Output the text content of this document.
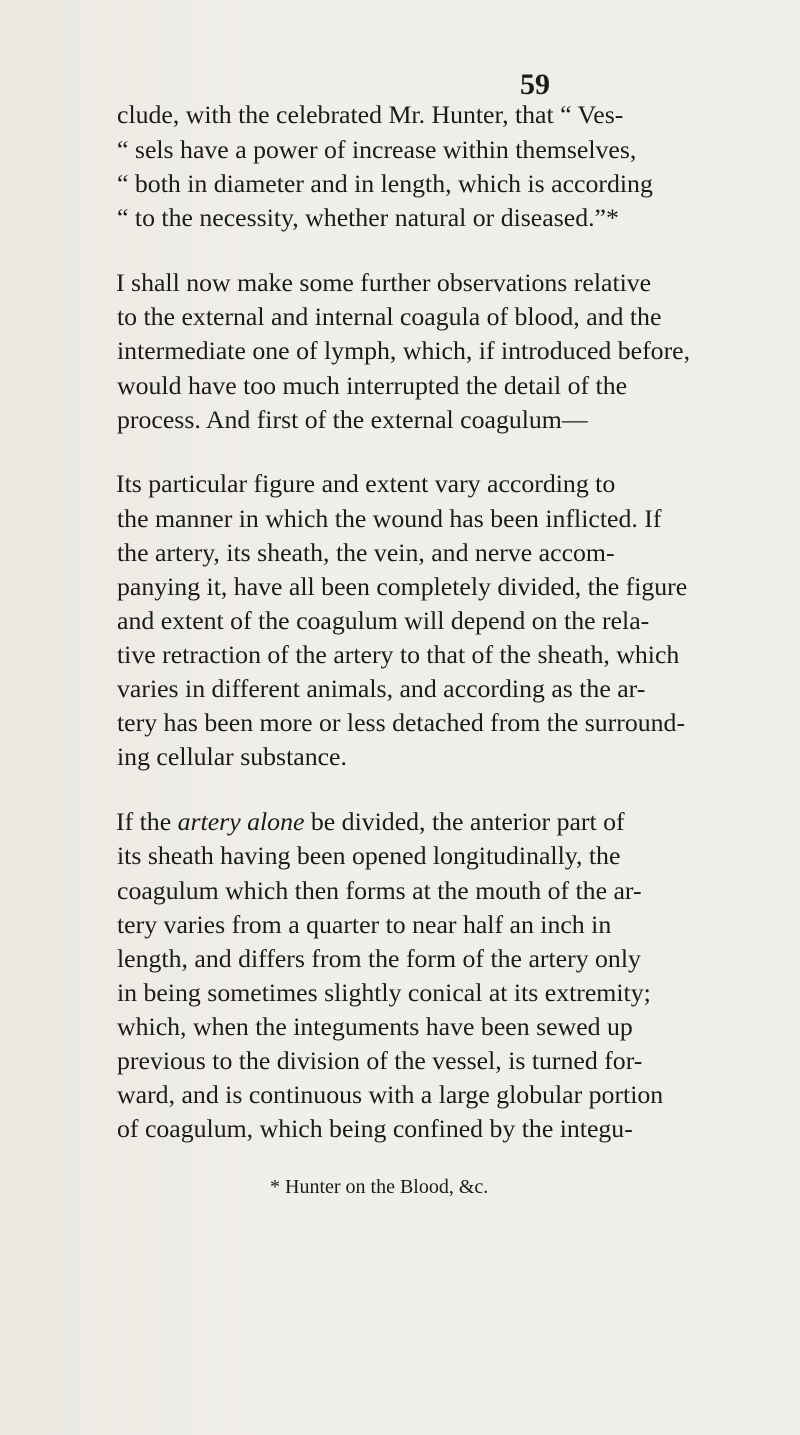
59
clude, with the celebrated Mr. Hunter, that “ Ves-
“ sels have a power of increase within themselves,
“ both in diameter and in length, which is according
“ to the necessity, whether natural or diseased.”*
I shall now make some further observations relative
to the external and internal coagula of blood, and the
intermediate one of lymph, which, if introduced before,
would have too much interrupted the detail of the
process. And first of the external coagulum—
Its particular figure and extent vary according to
the manner in which the wound has been inflicted. If
the artery, its sheath, the vein, and nerve accom-
panying it, have all been completely divided, the figure
and extent of the coagulum will depend on the rela-
tive retraction of the artery to that of the sheath, which
varies in different animals, and according as the ar-
tery has been more or less detached from the surround-
ing cellular substance.
If the artery alone be divided, the anterior part of
its sheath having been opened longitudinally, the
coagulum which then forms at the mouth of the ar-
tery varies from a quarter to near half an inch in
length, and differs from the form of the artery only
in being sometimes slightly conical at its extremity;
which, when the integuments have been sewed up
previous to the division of the vessel, is turned for-
ward, and is continuous with a large globular portion
of coagulum, which being confined by the integu-
* Hunter on the Blood, &c.
